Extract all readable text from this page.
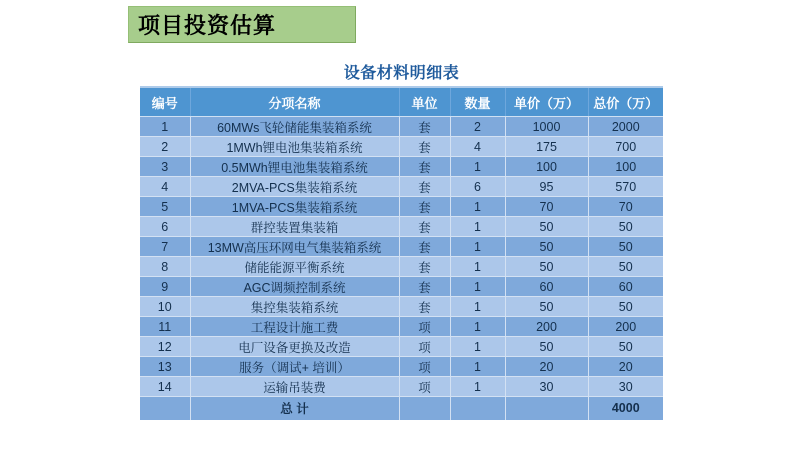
项目投资估算
设备材料明细表
编号	分项名称	单位	数量	单价（万）	总价（万）
1	60MWs飞轮储能集装箱系统	套	2	1000	2000
2	1MWh锂电池集装箱系统	套	4	175	700
3	0.5MWh锂电池集装箱系统	套	1	100	100
4	2MVA-PCS集装箱系统	套	6	95	570
5	1MVA-PCS集装箱系统	套	1	70	70
6	群控装置集装箱	套	1	50	50
7	13MW高压环网电气集装箱系统	套	1	50	50
8	储能能源平衡系统	套	1	50	50
9	AGC调频控制系统	套	1	60	60
10	集控集装箱系统	套	1	50	50
11	工程设计施工费	项	1	200	200
12	电厂设备更换及改造	项	1	50	50
13	服务（调试+ 培训）	项	1	20	20
14	运输吊装费	项	1	30	30
	总 计				4000
